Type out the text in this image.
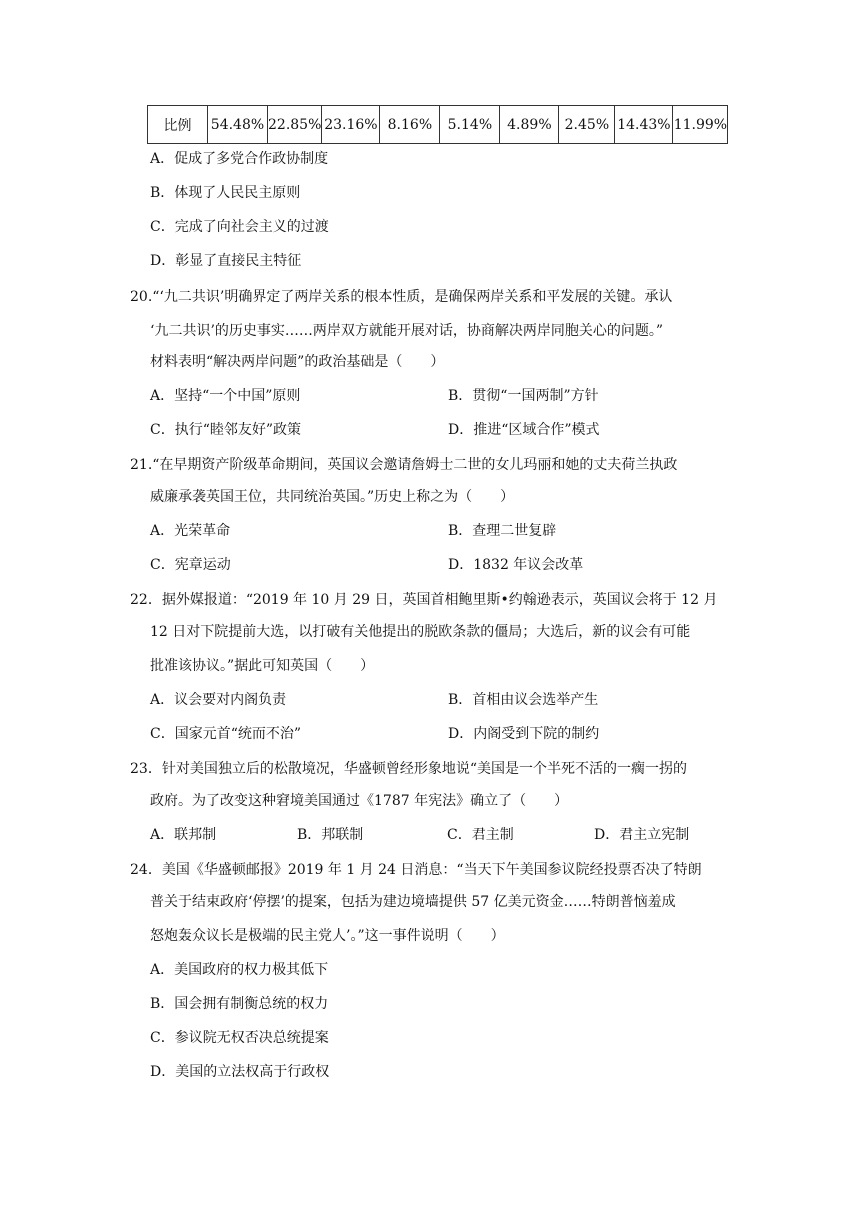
比例	54.48%	22.85%	23.16%	8.16%	5.14%	4.89%	2.45%	14.43%	11.99%
A．促成了多党合作政协制度
B．体现了人民民主原则
C．完成了向社会主义的过渡
D．彰显了直接民主特征
20.“‘九二共识’明确界定了两岸关系的根本性质，是确保两岸关系和平发展的关键。承认
‘九二共识’的历史事实……两岸双方就能开展对话，协商解决两岸同胞关心的问题。”
材料表明“解决两岸问题”的政治基础是（　　）
A．坚持“一个中国”原则	B．贯彻“一国两制”方针
C．执行“睦邻友好”政策	D．推进“区域合作”模式
21.“在早期资产阶级革命期间，英国议会邀请詹姆士二世的女儿玛丽和她的丈夫荷兰执政
威廉承袭英国王位，共同统治英国。”历史上称之为（　　）
A．光荣革命	B．查理二世复辟
C．宪章运动	D．1832 年议会改革
22．据外媒报道：“2019 年 10 月 29 日，英国首相鲍里斯•约翰逊表示，英国议会将于 12 月
12 日对下院提前大选，以打破有关他提出的脱欧条款的僵局；大选后，新的议会有可能
批准该协议。”据此可知英国（　　）
A．议会要对内阁负责	B．首相由议会选举产生
C．国家元首“统而不治”	D．内阁受到下院的制约
23．针对美国独立后的松散境况，华盛顿曾经形象地说“美国是一个半死不活的一瘸一拐的
政府。为了改变这种窘境美国通过《1787 年宪法》确立了（　　）
A．联邦制	B．邦联制	C．君主制	D．君主立宪制
24．美国《华盛顿邮报》2019 年 1 月 24 日消息：“当天下午美国参议院经投票否决了特朗
普关于结束政府‘停摆’的提案，包括为建边境墙提供 57 亿美元资金……特朗普恼羞成
怒炮轰众议长是极端的民主党人’。”这一事件说明（　　）
A．美国政府的权力极其低下
B．国会拥有制衡总统的权力
C．参议院无权否决总统提案
D．美国的立法权高于行政权
